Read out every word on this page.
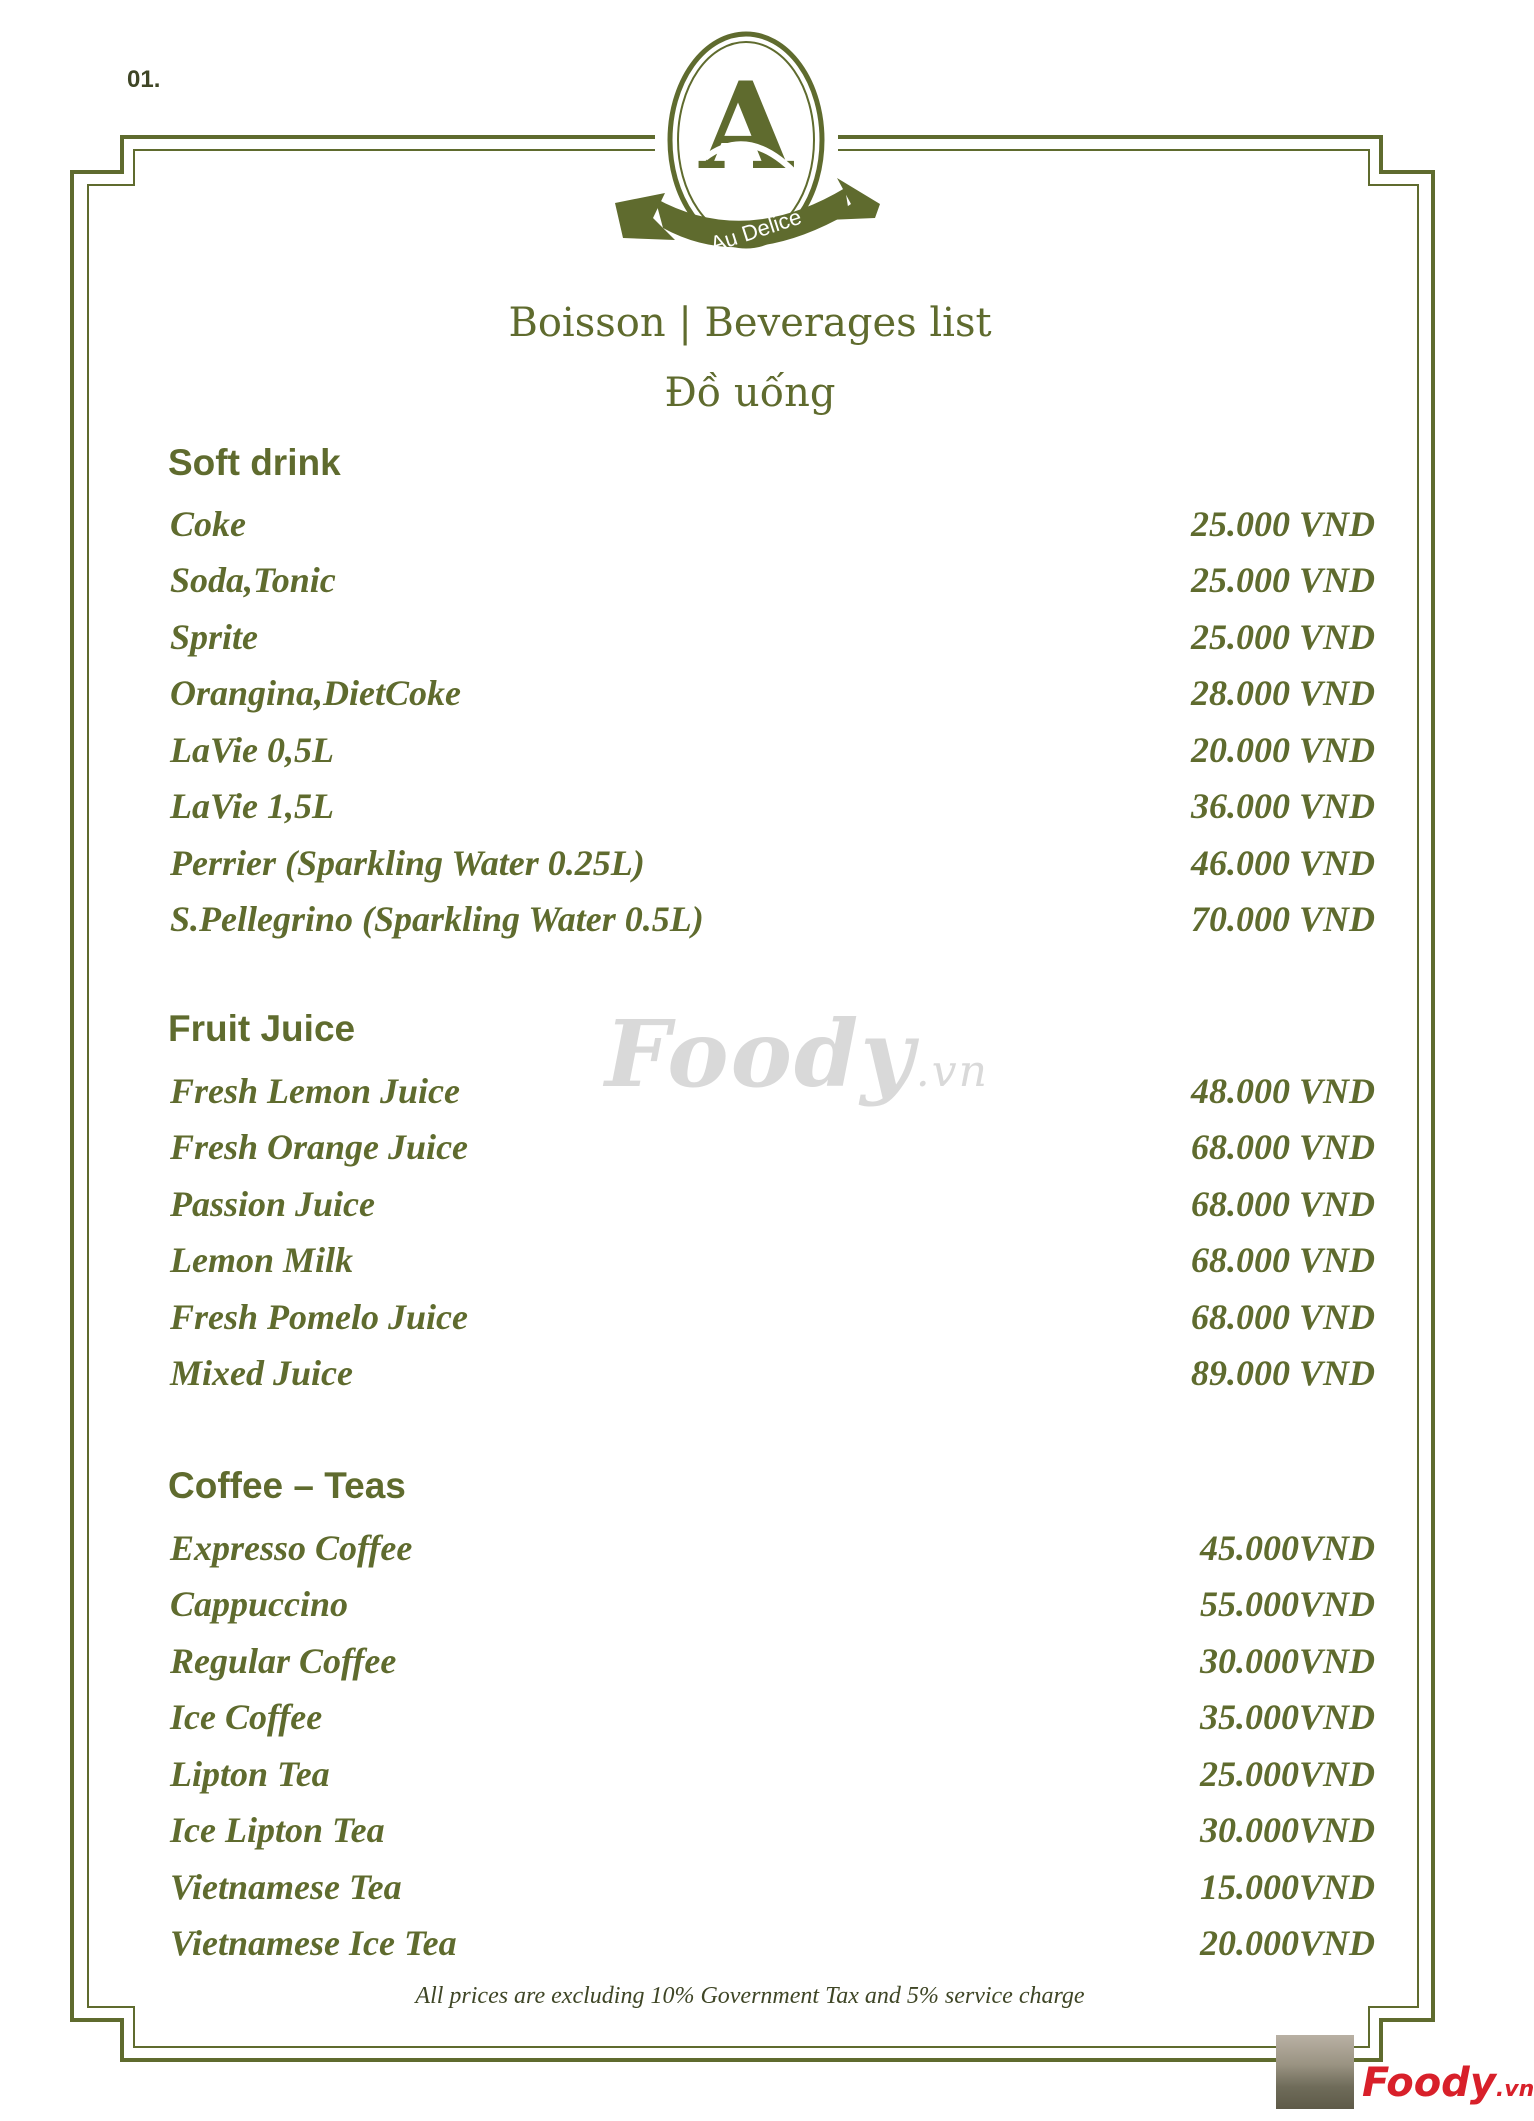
01.	A
Au Delice
Boisson | Beverages list
Đồ uống
Foody.vn
Soft drink
Coke	25.000 VND
Soda,Tonic	25.000 VND
Sprite	25.000 VND
Orangina,DietCoke	28.000 VND
LaVie 0,5L	20.000 VND
LaVie 1,5L	36.000 VND
Perrier (Sparkling Water 0.25L)	46.000 VND
S.Pellegrino (Sparkling Water 0.5L)	70.000 VND
Fruit Juice
Fresh Lemon Juice	48.000 VND
Fresh Orange Juice	68.000 VND
Passion Juice	68.000 VND
Lemon Milk	68.000 VND
Fresh Pomelo Juice	68.000 VND
Mixed Juice	89.000 VND
Coffee – Teas
Expresso Coffee	45.000VND
Cappuccino	55.000VND
Regular Coffee	30.000VND
Ice Coffee	35.000VND
Lipton Tea	25.000VND
Ice Lipton Tea	30.000VND
Vietnamese Tea	15.000VND
Vietnamese Ice Tea	20.000VND
All prices are excluding 10% Government Tax and 5% service charge
Foody.vn
